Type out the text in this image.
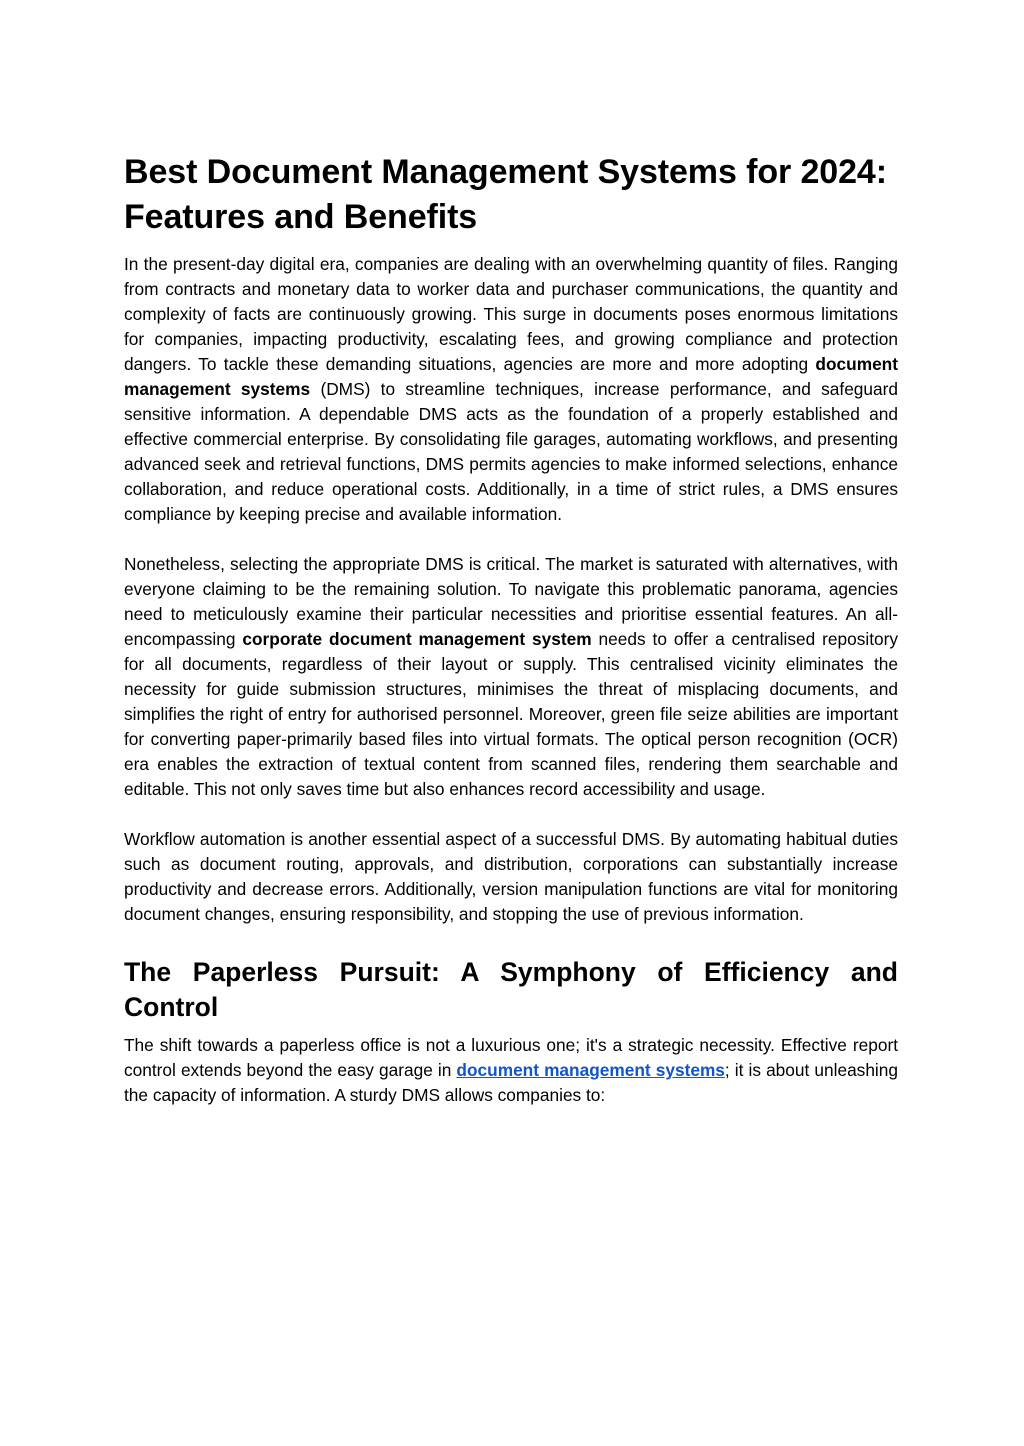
Best Document Management Systems for 2024: Features and Benefits

In the present-day digital era, companies are dealing with an overwhelming quantity of files. Ranging from contracts and monetary data to worker data and purchaser communications, the quantity and complexity of facts are continuously growing. This surge in documents poses enormous limitations for companies, impacting productivity, escalating fees, and growing compliance and protection dangers. To tackle these demanding situations, agencies are more and more adopting document management systems (DMS) to streamline techniques, increase performance, and safeguard sensitive information. A dependable DMS acts as the foundation of a properly established and effective commercial enterprise. By consolidating file garages, automating workflows, and presenting advanced seek and retrieval functions, DMS permits agencies to make informed selections, enhance collaboration, and reduce operational costs. Additionally, in a time of strict rules, a DMS ensures compliance by keeping precise and available information.

Nonetheless, selecting the appropriate DMS is critical. The market is saturated with alternatives, with everyone claiming to be the remaining solution. To navigate this problematic panorama, agencies need to meticulously examine their particular necessities and prioritise essential features. An all-encompassing corporate document management system needs to offer a centralised repository for all documents, regardless of their layout or supply. This centralised vicinity eliminates the necessity for guide submission structures, minimises the threat of misplacing documents, and simplifies the right of entry for authorised personnel. Moreover, green file seize abilities are important for converting paper-primarily based files into virtual formats. The optical person recognition (OCR) era enables the extraction of textual content from scanned files, rendering them searchable and editable. This not only saves time but also enhances record accessibility and usage.

Workflow automation is another essential aspect of a successful DMS. By automating habitual duties such as document routing, approvals, and distribution, corporations can substantially increase productivity and decrease errors. Additionally, version manipulation functions are vital for monitoring document changes, ensuring responsibility, and stopping the use of previous information.

The Paperless Pursuit: A Symphony of Efficiency and Control

The shift towards a paperless office is not a luxurious one; it's a strategic necessity. Effective report control extends beyond the easy garage in document management systems; it is about unleashing the capacity of information. A sturdy DMS allows companies to:
